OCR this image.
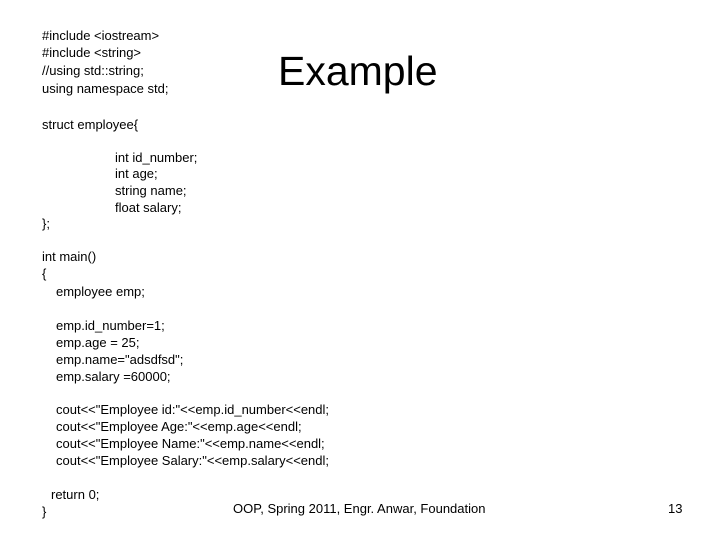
Example
#include <iostream>
#include <string>
//using std::string;
using namespace std;
struct employee{
int id_number;
int age;
string name;
float salary;
};
int main()
{
employee emp;
emp.id_number=1;
emp.age = 25;
emp.name="adsdfsd";
emp.salary =60000;
cout<<"Employee id:"<<emp.id_number<<endl;
cout<<"Employee Age:"<<emp.age<<endl;
cout<<"Employee Name:"<<emp.name<<endl;
cout<<"Employee Salary:"<<emp.salary<<endl;
return 0;
}	OOP, Spring 2011, Engr. Anwar, Foundation	13
